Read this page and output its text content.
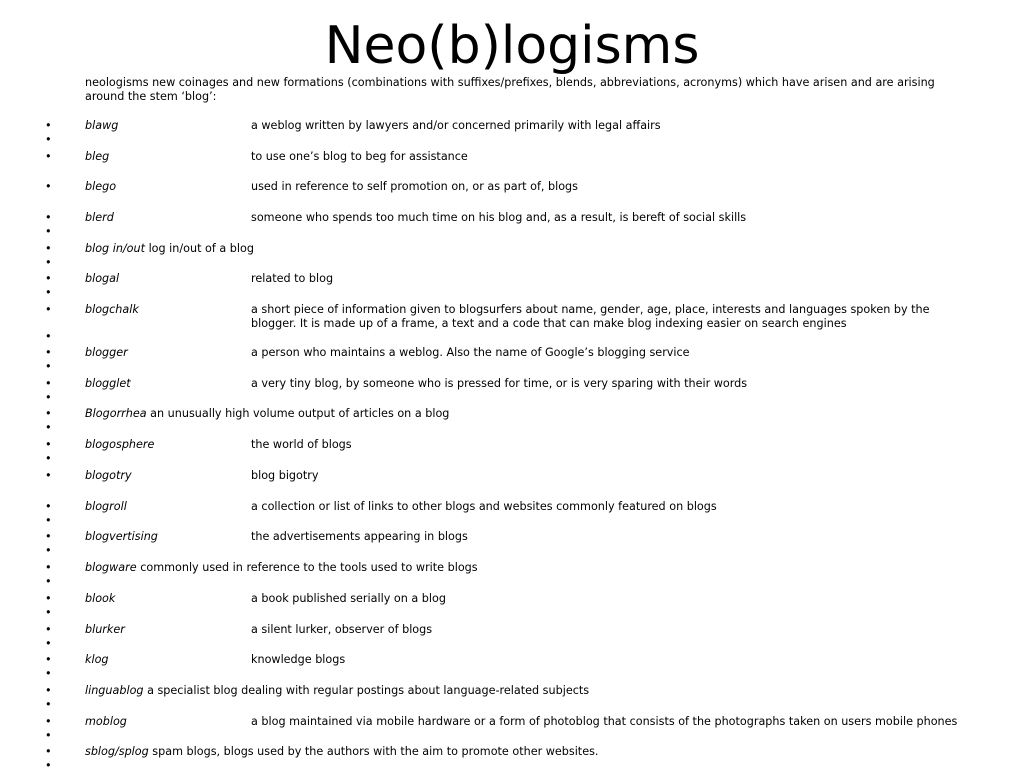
Neo(b)logisms
neologisms new coinages and new formations (combinations with suffixes/prefixes, blends, abbreviations, acronyms) which have arisen and are arising around the stem ‘blog’:
•	blawg	a weblog written by lawyers and/or concerned primarily with legal affairs
•
•	bleg	to use one’s blog to beg for assistance
•	blego	used in reference to self promotion on, or as part of, blogs
•	blerd	someone who spends too much time on his blog and, as a result, is bereft of social skills
•
•	blog in/out log in/out of a blog
•
•	blogal	related to blog
•
•	blogchalk	a short piece of information given to blogsurfers about name, gender, age, place, interests and languages spoken by the blogger. It is made up of a frame, a text and a code that can make blog indexing easier on search engines
•
•	blogger	a person who maintains a weblog. Also the name of Google’s blogging service
•
•	blogglet	a very tiny blog, by someone who is pressed for time, or is very sparing with their words
•
•	Blogorrhea an unusually high volume output of articles on a blog
•
•	blogosphere	the world of blogs
•
•	blogotry	blog bigotry
•	blogroll	a collection or list of links to other blogs and websites commonly featured on blogs
•
•	blogvertising	the advertisements appearing in blogs
•
•	blogware commonly used in reference to the tools used to write blogs
•
•	blook	a book published serially on a blog
•
•	blurker	a silent lurker, observer of blogs
•
•	klog	knowledge blogs
•
•	linguablog a specialist blog dealing with regular postings about language-related subjects
•
•	moblog	a blog maintained via mobile hardware or a form of photoblog that consists of the photographs taken on users mobile phones
•
•	sblog/splog spam blogs, blogs used by the authors with the aim to promote other websites.
•
